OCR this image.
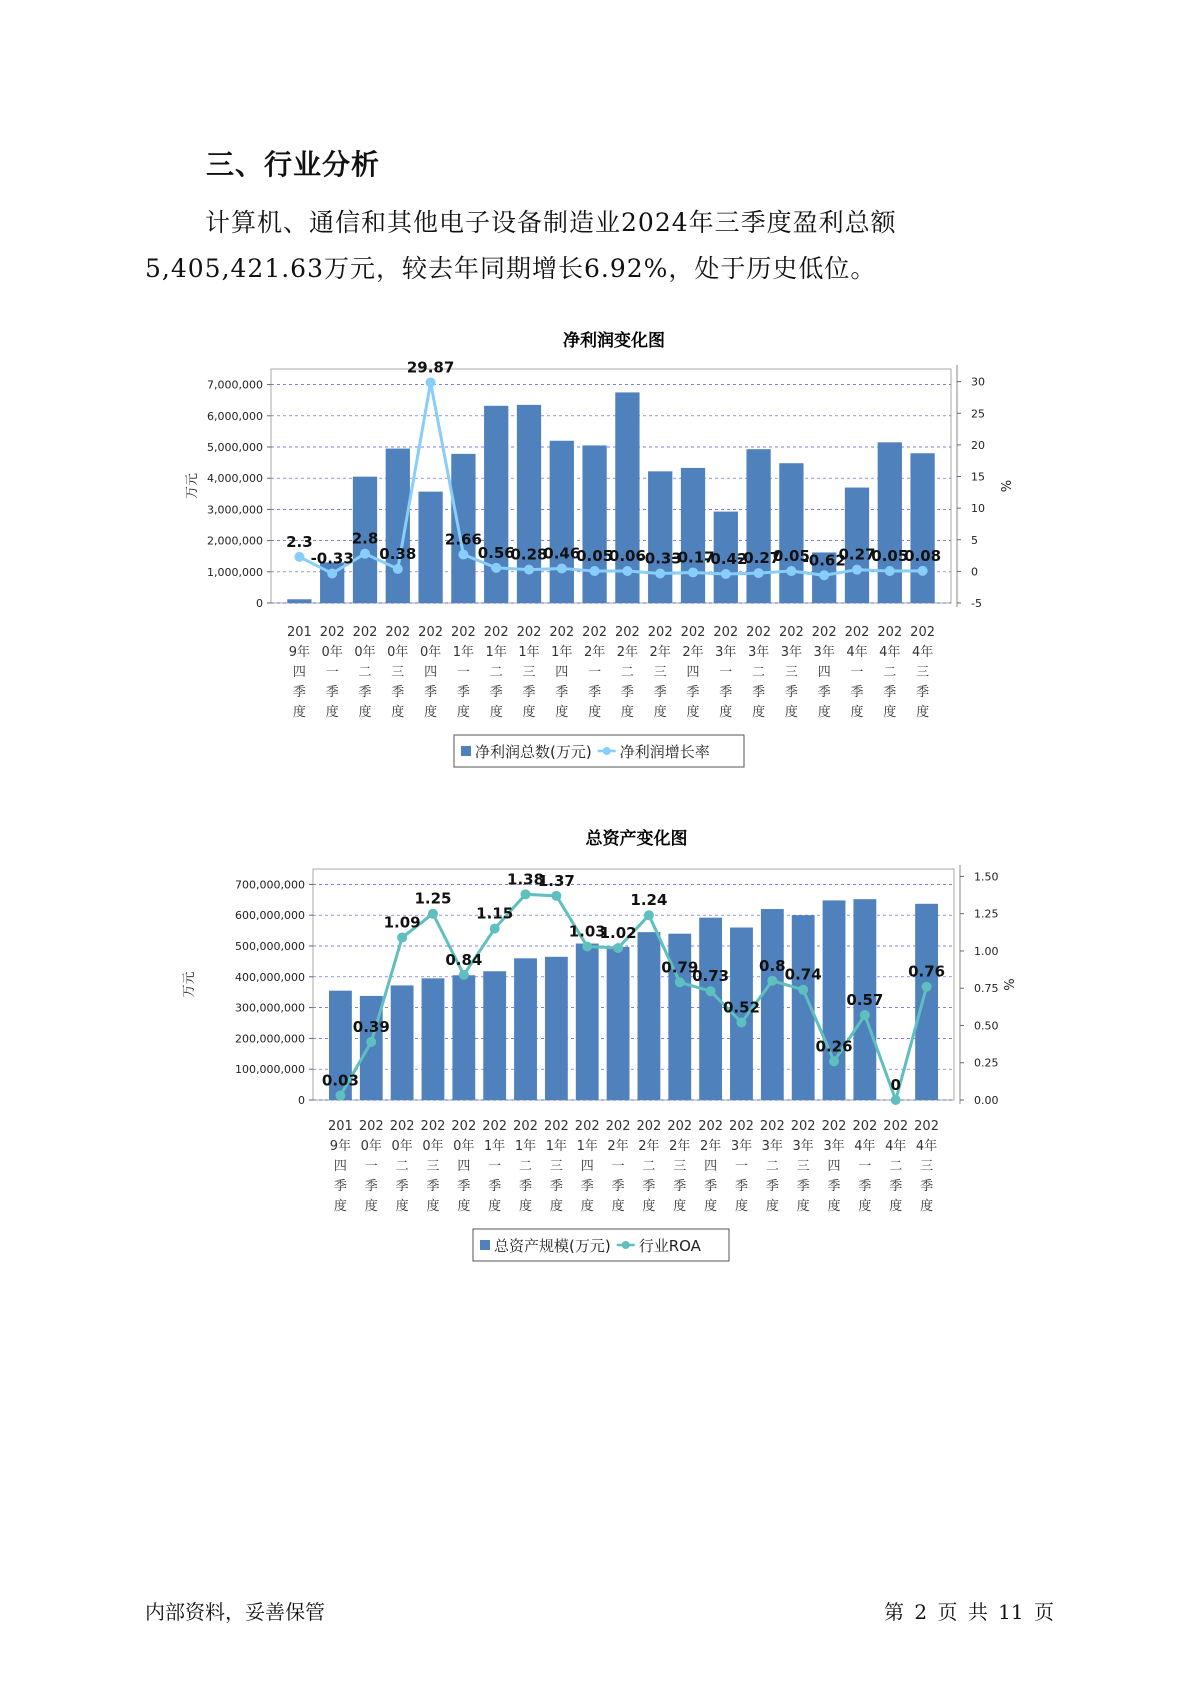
三、行业分析
计算机、通信和其他电子设备制造业2024年三季度盈利总额
5,405,421.63万元，较去年同期增长6.92%，处于历史低位。
净利润变化图
0
1,000,000
2,000,000
3,000,000
4,000,000
5,000,000
6,000,000
7,000,000
-5
0
5
10
15
20
25
30
万元	%
2.3
-0.33
2.8
0.38
29.87
2.66
0.56
0.28
0.46
0.05
0.06
-0.33
-0.17
-0.42
-0.27
0.05
-0.62
0.27
0.05
0.08
201
9年
四
季
度
202
0年
一
季
度
202
0年
二
季
度
202
0年
三
季
度
202
0年
四
季
度
202
1年
一
季
度
202
1年
二
季
度
202
1年
三
季
度
202
1年
四
季
度
202
2年
一
季
度
202
2年
二
季
度
202
2年
三
季
度
202
2年
四
季
度
202
3年
一
季
度
202
3年
二
季
度
202
3年
三
季
度
202
3年
四
季
度
202
4年
一
季
度
202
4年
二
季
度
202
4年
三
季
度
净利润总数(万元) 净利润增长率
总资产变化图
0
100,000,000
200,000,000
300,000,000
400,000,000
500,000,000
600,000,000
700,000,000
0.00
0.25
0.50
0.75
1.00
1.25
1.50
万元	%
0.03
0.39
1.09
1.25
0.84
1.15
1.38
1.37
1.03
1.02
1.24
0.79
0.73
0.52
0.8 0.74
0.26
0.57
0
0.76
201
9年
四
季
度
202
0年
一
季
度
202
0年
二
季
度
202
0年
三
季
度
202
0年
四
季
度
202
1年
一
季
度
202
1年
二
季
度
202
1年
三
季
度
202
1年
四
季
度
202
2年
一
季
度
202
2年
二
季
度
202
2年
三
季
度
202
2年
四
季
度
202
3年
一
季
度
202
3年
二
季
度
202
3年
三
季
度
202
3年
四
季
度
202
4年
一
季
度
202
4年
二
季
度
202
4年
三
季
度
总资产规模(万元) 行业ROA
内部资料，妥善保管	第 2 页 共 11 页
